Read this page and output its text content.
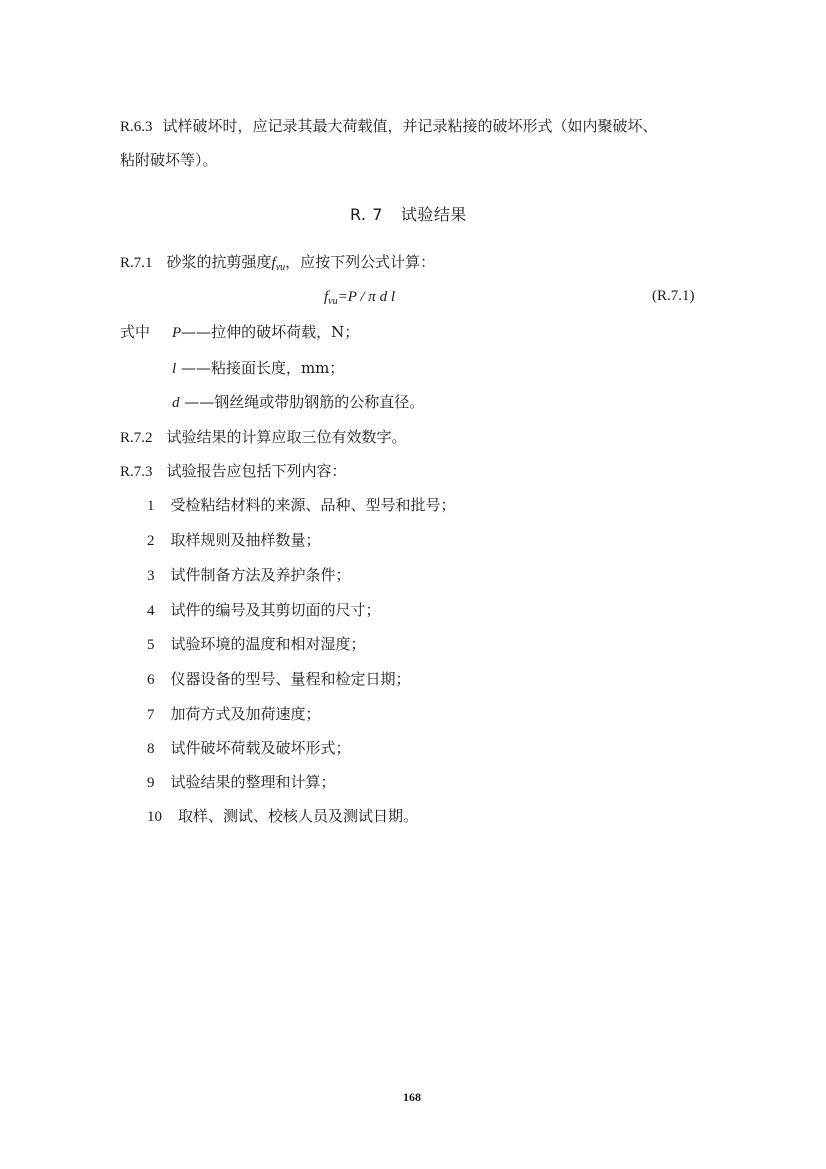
R.6.3 试样破坏时，应记录其最大荷载值，并记录粘接的破坏形式（如内聚破坏、
粘附破坏等）。
R. 7 试验结果
R.7.1 砂浆的抗剪强度$f_{vu}$，应按下列公式计算：
$f_{vu}=P / \pi$ d l	(R.7.1)
式中 P——拉伸的破坏荷载，N；
l ——粘接面长度，mm；
d ——钢丝绳或带肋钢筋的公称直径。
R.7.2 试验结果的计算应取三位有效数字。
R.7.3 试验报告应包括下列内容：
1 受检粘结材料的来源、品种、型号和批号；
2 取样规则及抽样数量；
3 试件制备方法及养护条件；
4 试件的编号及其剪切面的尺寸；
5 试验环境的温度和相对湿度；
6 仪器设备的型号、量程和检定日期；
7 加荷方式及加荷速度；
8 试件破坏荷载及破坏形式；
9 试验结果的整理和计算；
10 取样、测试、校核人员及测试日期。
168
